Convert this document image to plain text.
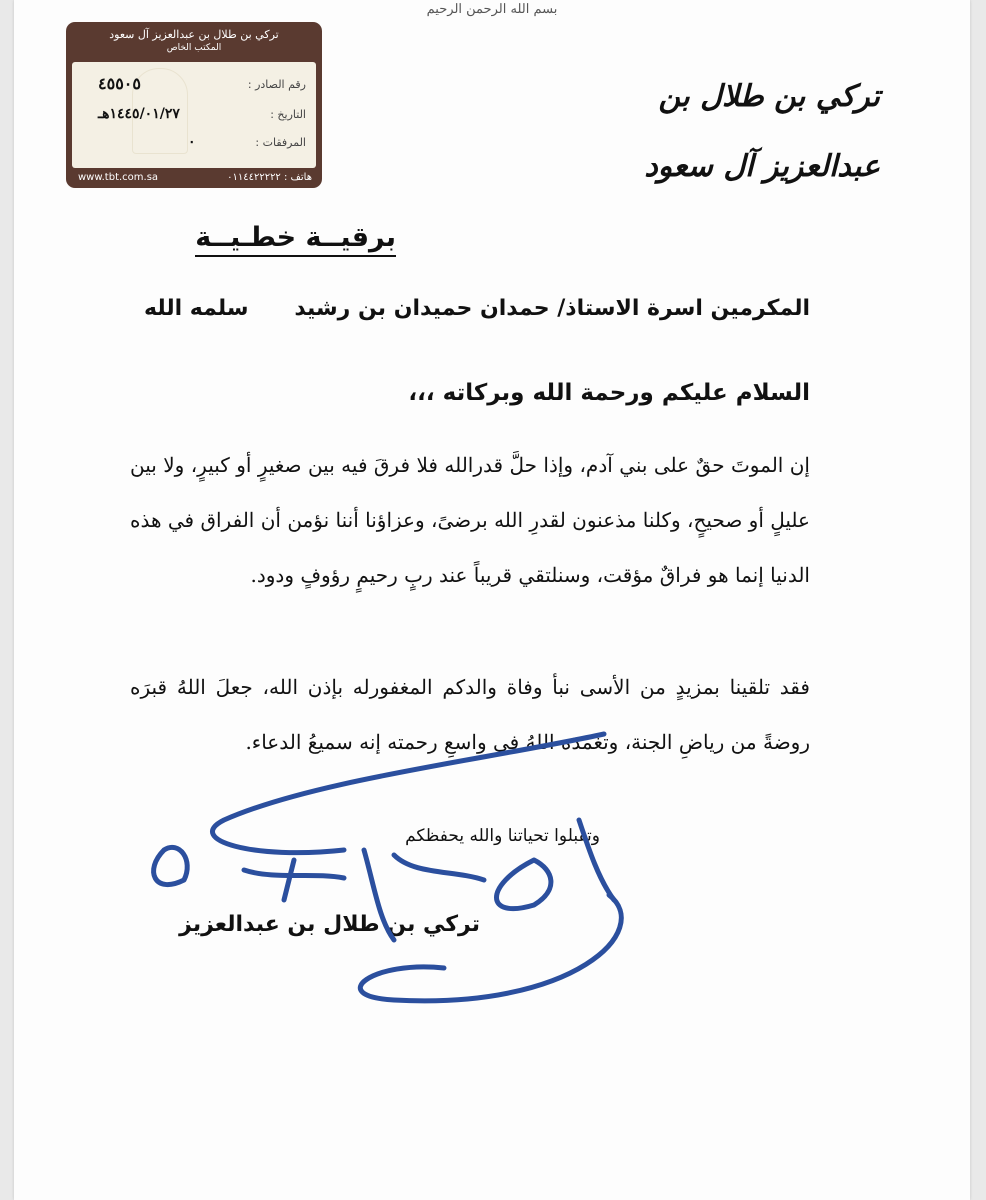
بسم الله الرحمن الرحيم
تركي بن طلال بن عبدالعزيز آل سعود
المكتب الخاص
رقم الصادر :
٤٥٥٠٥
التاريخ :
١٤٤٥/٠١/٢٧هـ
المرفقات :
٠
www.tbt.com.sa	هاتف : ٠١١٤٤٢٢٢٢٢
تركي بن طلال بن عبدالعزيز آل سعود
برقيــة خطـيــة
المكرمين اسرة الاستاذ/ حمدان حميدان بن رشيد
سلمه الله
السلام عليكم ورحمة الله وبركاته ،،،
إن الموتَ حقٌ على بني آدم، وإذا حلَّ قدرالله فلا فرقَ فيه بين صغيرٍ أو كبيرٍ، ولا بين عليلٍ أو صحيحٍ، وكلنا مذعنون لقدرِ الله برضىً، وعزاؤنا أننا نؤمن أن الفراق في هذه الدنيا إنما هو فراقٌ مؤقت، وسنلتقي قريباً عند ربٍ رحيمٍ رؤوفٍ ودود.
فقد تلقينا بمزيدٍ من الأسى نبأ وفاة والدكم المغفورله بإذن الله، جعلَ اللهُ قبرَه روضةً من رياضِ الجنة، وتغمدَه اللهُ في واسعِ رحمته إنه سميعُ الدعاء.
وتقبلوا تحياتنا والله يحفظكم
تركي بن طلال بن عبدالعزيز
